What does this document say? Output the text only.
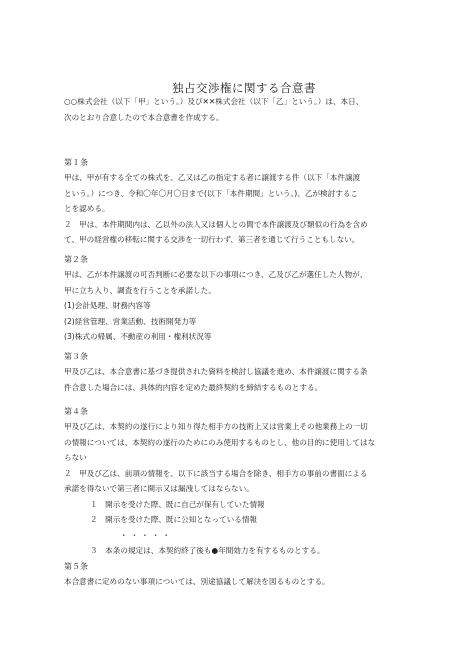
独占交渉権に関する合意書
○○株式会社（以下「甲」という。）及び✕✕株式会社（以下「乙」という。）は、本日、
次のとおり合意したので本合意書を作成する。
第１条
甲は、甲が有する全ての株式を、乙又は乙の指定する者に譲渡する件（以下「本件譲渡
という。）につき、令和〇年〇月〇日まで(以下「本件期間」という。)、乙が検討するこ
とを認める。
２　甲は、本件期間内は、乙以外の法人又は個人との間で本件譲渡及び類似の行為を含め
て、甲の経営権の移転に関する交渉を一切行わず、第三者を通じて行うこともしない。
第２条
甲は、乙が本件譲渡の可否判断に必要な以下の事項につき、乙及び乙が選任した人物が、
甲に立ち入り、調査を行うことを承諾した。
(1)会計処理、財務内容等
(2)経営管理、営業活動、技術開発力等
(3)株式の帰属、不動産の利用・権利状況等
第３条
甲及び乙は、本合意書に基づき提供された資料を検討し協議を進め、本件譲渡に関する条
件合意した場合には、具体的内容を定めた最終契約を締結するものとする。
第４条
甲及び乙は、本契約の遂行により知り得た相手方の技術上又は営業上その他業務上の一切
の情報については、本契約の遂行のためにのみ使用するものとし、他の目的に使用してはな
らない
２　甲及び乙は、前項の情報を、以下に該当する場合を除き、相手方の事前の書面による
承諾を得ないで第三者に開示又は漏洩してはならない。
１　開示を受けた際、既に自己が保有していた情報
２　開示を受けた際、既に公知となっている情報
・・・・・
３　本条の規定は、本契約終了後も●年間効力を有するものとする。
第５条
本合意書に定めのない事項については、別途協議して解決を図るものとする。
